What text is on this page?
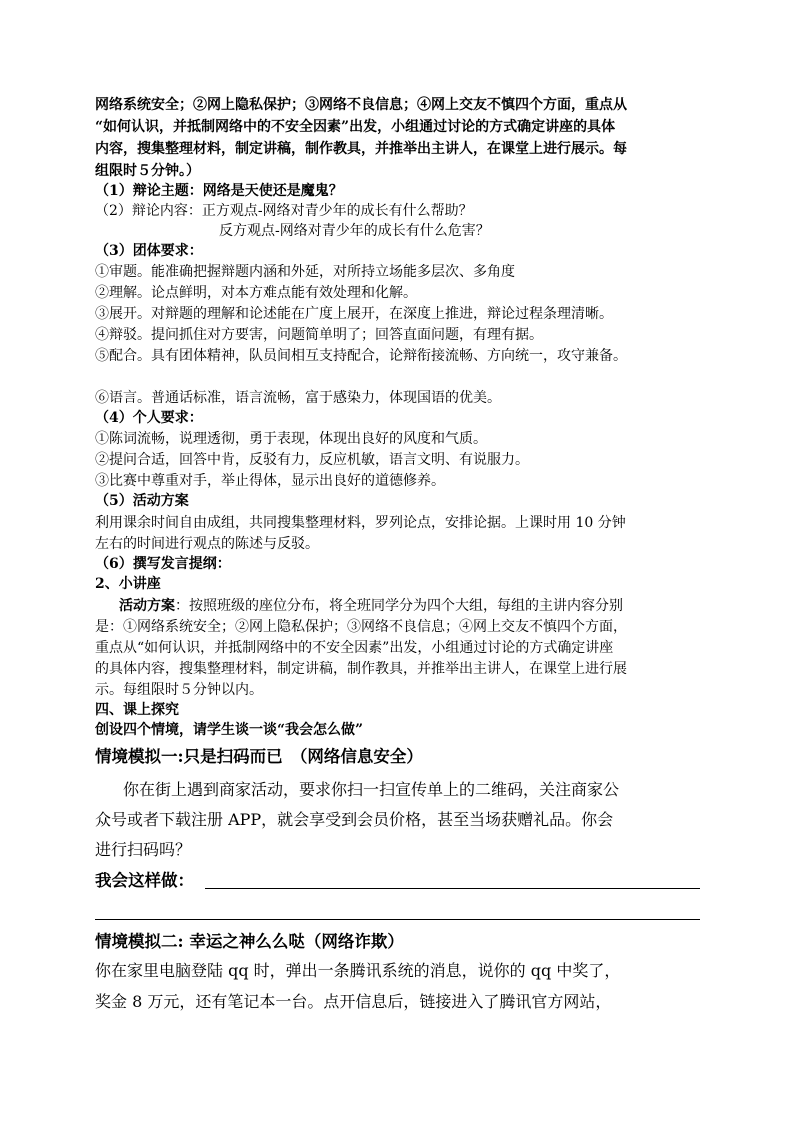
网络系统安全；②网上隐私保护；③网络不良信息；④网上交友不慎四个方面，重点从
“如何认识，并抵制网络中的不安全因素”出发，小组通过讨论的方式确定讲座的具体
内容，搜集整理材料，制定讲稿，制作教具，并推举出主讲人，在课堂上进行展示。每
组限时５分钟。）
（1）辩论主题：网络是天使还是魔鬼？
（2）辩论内容：正方观点-网络对青少年的成长有什么帮助？
反方观点-网络对青少年的成长有什么危害？
（3）团体要求：
①审题。能准确把握辩题内涵和外延，对所持立场能多层次、多角度
②理解。论点鲜明，对本方难点能有效处理和化解。
③展开。对辩题的理解和论述能在广度上展开，在深度上推进，辩论过程条理清晰。
④辩驳。提问抓住对方要害，问题简单明了；回答直面问题，有理有据。
⑤配合。具有团体精神，队员间相互支持配合，论辩衔接流畅、方向统一，攻守兼备。
⑥语言。普通话标准，语言流畅，富于感染力，体现国语的优美。
（4）个人要求：
①陈词流畅，说理透彻，勇于表现，体现出良好的风度和气质。
②提问合适，回答中肯，反驳有力，反应机敏，语言文明、有说服力。
③比赛中尊重对手，举止得体，显示出良好的道德修养。
（5）活动方案
利用课余时间自由成组，共同搜集整理材料，罗列论点，安排论据。上课时用 10 分钟
左右的时间进行观点的陈述与反驳。
（6）撰写发言提纲：
2、小讲座
活动方案：按照班级的座位分布，将全班同学分为四个大组，每组的主讲内容分别
是：①网络系统安全；②网上隐私保护；③网络不良信息；④网上交友不慎四个方面，
重点从“如何认识，并抵制网络中的不安全因素”出发，小组通过讨论的方式确定讲座
的具体内容，搜集整理材料，制定讲稿，制作教具，并推举出主讲人，在课堂上进行展
示。每组限时５分钟以内。
四、课上探究
创设四个情境，请学生谈一谈“我会怎么做”
情境模拟一:只是扫码而已　（网络信息安全）
你在街上遇到商家活动，要求你扫一扫宣传单上的二维码，关注商家公
众号或者下载注册 APP，就会享受到会员价格，甚至当场获赠礼品。你会
进行扫码吗？
我会这样做：
情境模拟二: 幸运之神么么哒（网络诈欺）
你在家里电脑登陆 qq 时，弹出一条腾讯系统的消息，说你的 qq 中奖了，
奖金 8 万元，还有笔记本一台。点开信息后，链接进入了腾讯官方网站，
